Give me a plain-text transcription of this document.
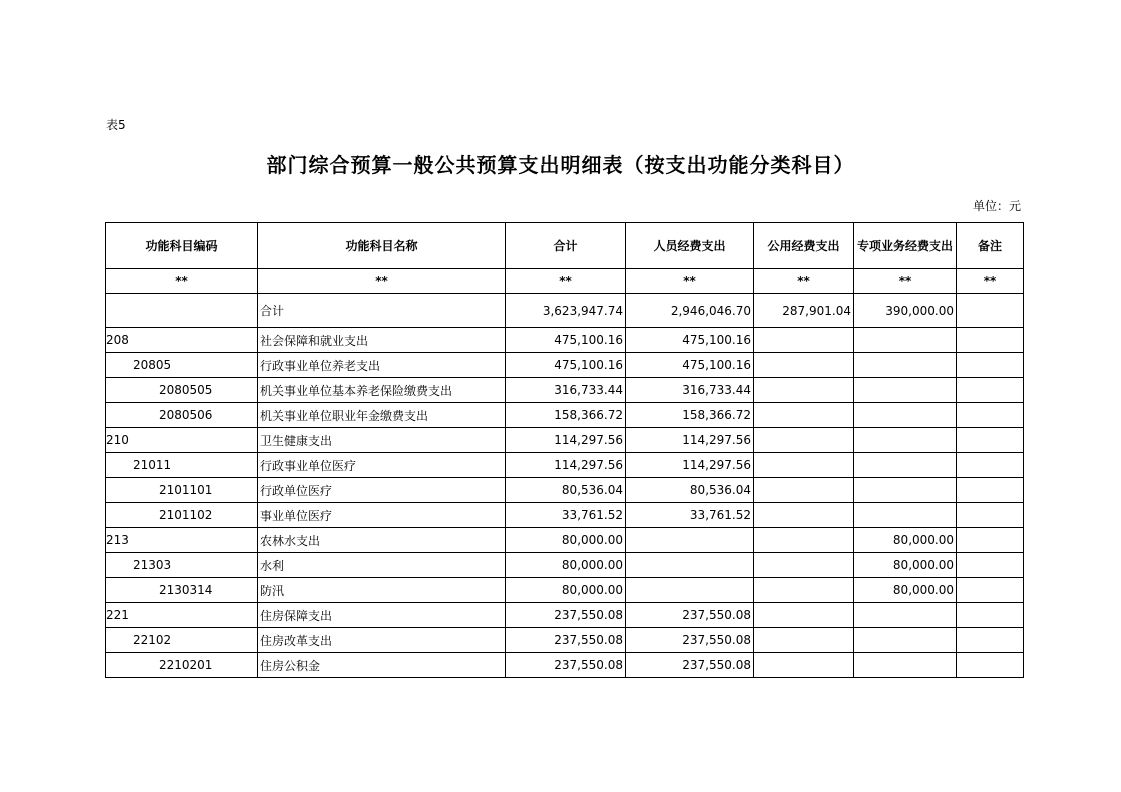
表5
部门综合预算一般公共预算支出明细表（按支出功能分类科目）
单位：元
功能科目编码	功能科目名称	合计	人员经费支出	公用经费支出	专项业务经费支出	备注
**	**	**	**	**	**	**
	合计	3,623,947.74	2,946,046.70	287,901.04	390,000.00	
208	社会保障和就业支出	475,100.16	475,100.16			
20805	行政事业单位养老支出	475,100.16	475,100.16			
2080505	机关事业单位基本养老保险缴费支出	316,733.44	316,733.44			
2080506	机关事业单位职业年金缴费支出	158,366.72	158,366.72			
210	卫生健康支出	114,297.56	114,297.56			
21011	行政事业单位医疗	114,297.56	114,297.56			
2101101	行政单位医疗	80,536.04	80,536.04			
2101102	事业单位医疗	33,761.52	33,761.52			
213	农林水支出	80,000.00			80,000.00	
21303	水利	80,000.00			80,000.00	
2130314	防汛	80,000.00			80,000.00	
221	住房保障支出	237,550.08	237,550.08			
22102	住房改革支出	237,550.08	237,550.08			
2210201	住房公积金	237,550.08	237,550.08			
